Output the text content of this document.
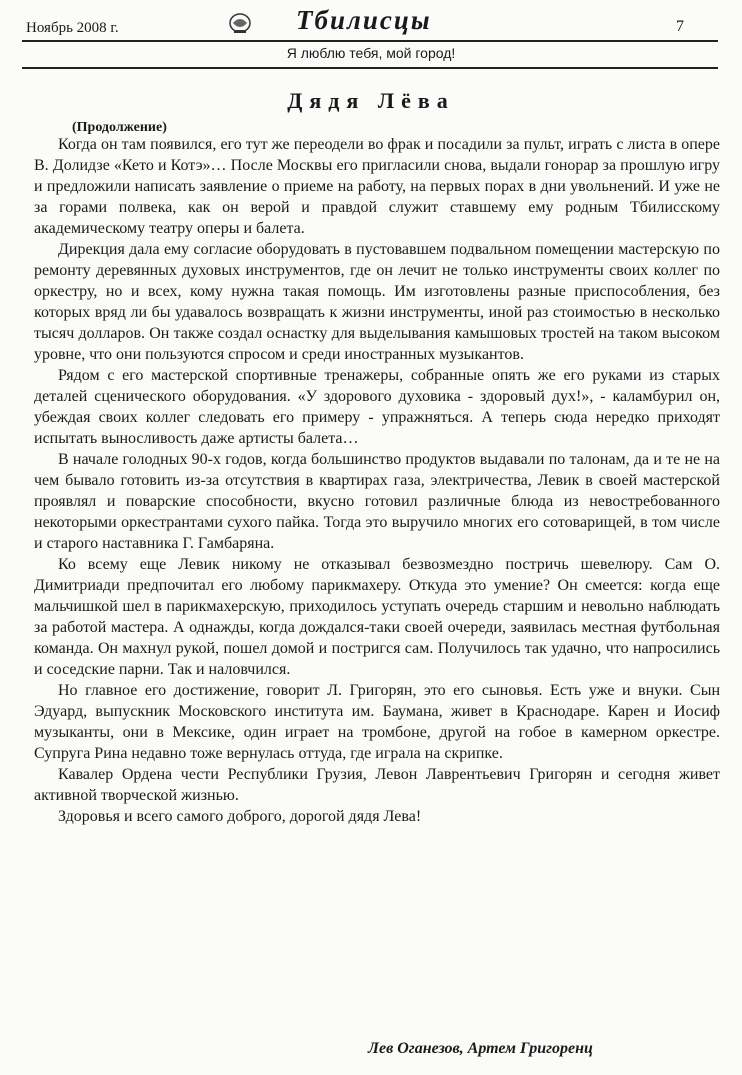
Ноябрь 2008 г.	Тбилисцы	7
Я люблю тебя, мой город!
Дядя Лёва
(Продолжение)

Когда он там появился, его тут же переодели во фрак и посадили за пульт, играть с листа в опере В. Долидзе «Кето и Котэ»… После Москвы его пригласили снова, выдали гонорар за прошлую игру и предложили написать заявление о приеме на работу, на первых порах в дни увольнений. И уже не за горами полвека, как он верой и правдой служит ставшему ему родным Тбилисскому академическому театру оперы и балета.

Дирекция дала ему согласие оборудовать в пустовавшем подвальном помещении мастерскую по ремонту деревянных духовых инструментов, где он лечит не только инструменты своих коллег по оркестру, но и всех, кому нужна такая помощь. Им изготовлены разные приспособления, без которых вряд ли бы удавалось возвращать к жизни инструменты, иной раз стоимостью в несколько тысяч долларов. Он также создал оснастку для выделывания камышовых тростей на таком высоком уровне, что они пользуются спросом и среди иностранных музыкантов.

Рядом с его мастерской спортивные тренажеры, собранные опять же его руками из старых деталей сценического оборудования. «У здорового духовика - здоровый дух!», - каламбурил он, убеждая своих коллег следовать его примеру - упражняться. А теперь сюда нередко приходят испытать выносливость даже артисты балета…

В начале голодных 90-х годов, когда большинство продуктов выдавали по талонам, да и те не на чем бывало готовить из-за отсутствия в квартирах газа, электричества, Левик в своей мастерской проявлял и поварские способности, вкусно готовил различные блюда из невостребованного некоторыми оркестрантами сухого пайка. Тогда это выручило многих его сотоварищей, в том числе и старого наставника Г. Гамбаряна.

Ко всему еще Левик никому не отказывал безвозмездно постричь шевелюру. Сам О. Димитриади предпочитал его любому парикмахеру. Откуда это умение? Он смеется: когда еще мальчишкой шел в парикмахерскую, приходилось уступать очередь старшим и невольно наблюдать за работой мастера. А однажды, когда дождался-таки своей очереди, заявилась местная футбольная команда. Он махнул рукой, пошел домой и постригся сам. Получилось так удачно, что напросились и соседские парни. Так и наловчился.

Но главное его достижение, говорит Л. Григорян, это его сыновья. Есть уже и внуки. Сын Эдуард, выпускник Московского института им. Баумана, живет в Краснодаре. Карен и Иосиф музыканты, они в Мексике, один играет на тромбоне, другой на гобое в камерном оркестре. Супруга Рина недавно тоже вернулась оттуда, где играла на скрипке.

Кавалер Ордена чести Республики Грузия, Левон Лаврентьевич Григорян и сегодня живет активной творческой жизнью.

Здоровья и всего самого доброго, дорогой дядя Лева!

Лев Оганезов, Артем Григоренц
